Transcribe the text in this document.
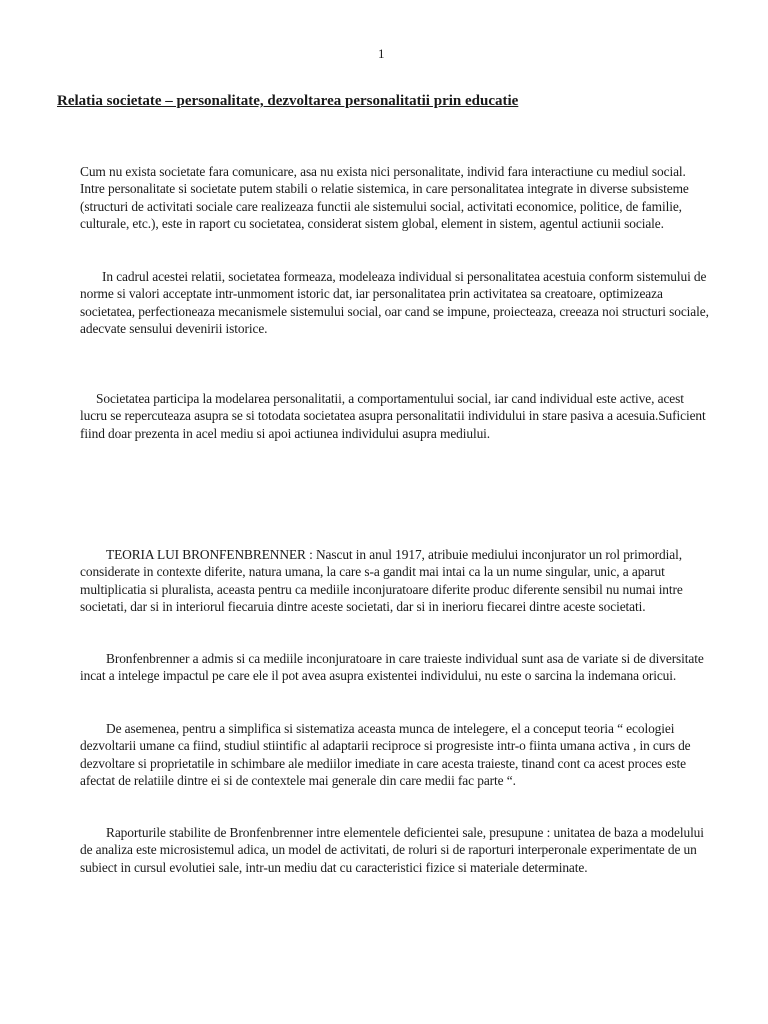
1
Relatia societate – personalitate, dezvoltarea personalitatii prin educatie

Cum nu exista societate fara comunicare, asa nu exista nici personalitate, individ fara interactiune cu mediul social. Intre personalitate si societate putem stabili o relatie sistemica, in care personalitatea integrate in diverse subsisteme (structuri de activitati sociale care realizeaza functii ale sistemului social, activitati economice, politice, de familie, culturale, etc.), este in raport cu societatea, considerat sistem global, element in sistem, agentul actiunii sociale.

In cadrul acestei relatii, societatea formeaza, modeleaza individual si personalitatea acestuia conform sistemului de norme si valori acceptate intr-unmoment istoric dat, iar personalitatea prin activitatea sa creatoare, optimizeaza societatea, perfectioneaza mecanismele sistemului social, oar cand se impune, proiecteaza, creeaza noi structuri sociale, adecvate sensului devenirii istorice.

Societatea participa la modelarea personalitatii, a comportamentului social, iar cand individual este active, acest lucru se repercuteaza asupra se si totodata societatea asupra personalitatii individului in stare pasiva a acesuia.Suficient fiind doar prezenta in acel mediu si apoi actiunea individului asupra mediului.

TEORIA LUI BRONFENBRENNER : Nascut in anul 1917, atribuie mediului inconjurator un rol primordial, considerate in contexte diferite, natura umana, la care s-a gandit mai intai ca la un nume singular, unic, a aparut multiplicatia si pluralista, aceasta pentru ca mediile inconjuratoare diferite produc diferente sensibil nu numai intre societati, dar si in interiorul fiecaruia dintre aceste societati, dar si in inerioru fiecarei dintre aceste societati.

Bronfenbrenner a admis si ca mediile inconjuratoare in care traieste individual sunt asa de variate si de diversitate incat a intelege impactul pe care ele il pot avea asupra existentei individului, nu este o sarcina la indemana oricui.

De asemenea, pentru a simplifica si sistematiza aceasta munca de intelegere, el a conceput teoria “ ecologiei dezvoltarii umane ca fiind, studiul stiintific al adaptarii reciproce si progresiste intr-o fiinta umana activa , in curs de dezvoltare si proprietatile in schimbare ale mediilor imediate in care acesta traieste, tinand cont ca acest proces este afectat de relatiile dintre ei si de contextele mai generale din care medii fac parte “.

Raporturile stabilite de Bronfenbrenner intre elementele deficientei sale, presupune : unitatea de baza a modelului de analiza este microsistemul adica, un model de activitati, de roluri si de raporturi interperonale experimentate de un subiect in cursul evolutiei sale, intr-un mediu dat cu caracteristici fizice si materiale determinate.
